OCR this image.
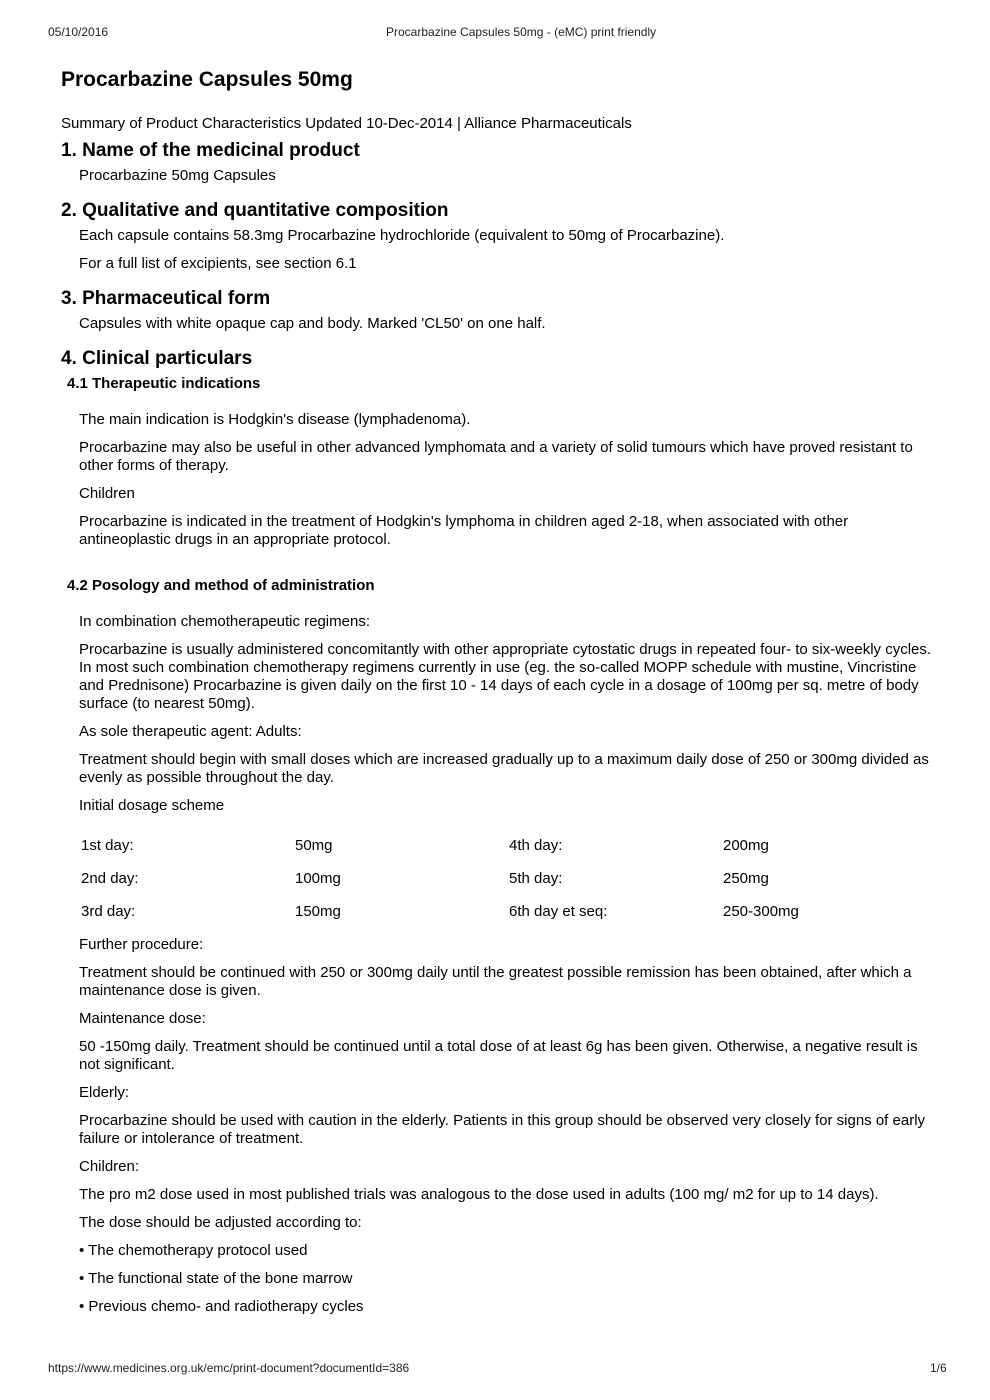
05/10/2016	Procarbazine Capsules 50mg - (eMC) print friendly
Procarbazine Capsules 50mg

Summary of Product Characteristics Updated 10-Dec-2014 | Alliance Pharmaceuticals

1. Name of the medicinal product

Procarbazine 50mg Capsules

2. Qualitative and quantitative composition

Each capsule contains 58.3mg Procarbazine hydrochloride (equivalent to 50mg of Procarbazine).

For a full list of excipients, see section 6.1

3. Pharmaceutical form

Capsules with white opaque cap and body. Marked 'CL50' on one half.

4. Clinical particulars
4.1 Therapeutic indications

The main indication is Hodgkin's disease (lymphadenoma).

Procarbazine may also be useful in other advanced lymphomata and a variety of solid tumours which have proved resistant to other forms of therapy.

Children

Procarbazine is indicated in the treatment of Hodgkin's lymphoma in children aged 2-18, when associated with other antineoplastic drugs in an appropriate protocol.

4.2 Posology and method of administration

In combination chemotherapeutic regimens:

Procarbazine is usually administered concomitantly with other appropriate cytostatic drugs in repeated four- to six-weekly cycles. In most such combination chemotherapy regimens currently in use (eg. the so-called MOPP schedule with mustine, Vincristine and Prednisone) Procarbazine is given daily on the first 10 - 14 days of each cycle in a dosage of 100mg per sq. metre of body surface (to nearest 50mg).

As sole therapeutic agent: Adults:

Treatment should begin with small doses which are increased gradually up to a maximum daily dose of 250 or 300mg divided as evenly as possible throughout the day.

Initial dosage scheme

1st day:	50mg	4th day:	200mg
2nd day:	100mg	5th day:	250mg
3rd day:	150mg	6th day et seq:	250-300mg

Further procedure:

Treatment should be continued with 250 or 300mg daily until the greatest possible remission has been obtained, after which a maintenance dose is given.

Maintenance dose:

50 -150mg daily. Treatment should be continued until a total dose of at least 6g has been given. Otherwise, a negative result is not significant.

Elderly:

Procarbazine should be used with caution in the elderly. Patients in this group should be observed very closely for signs of early failure or intolerance of treatment.

Children:

The pro m2 dose used in most published trials was analogous to the dose used in adults (100 mg/ m2 for up to 14 days).

The dose should be adjusted according to:

• The chemotherapy protocol used

• The functional state of the bone marrow

• Previous chemo- and radiotherapy cycles

https://www.medicines.org.uk/emc/print-document?documentId=386	1/6
